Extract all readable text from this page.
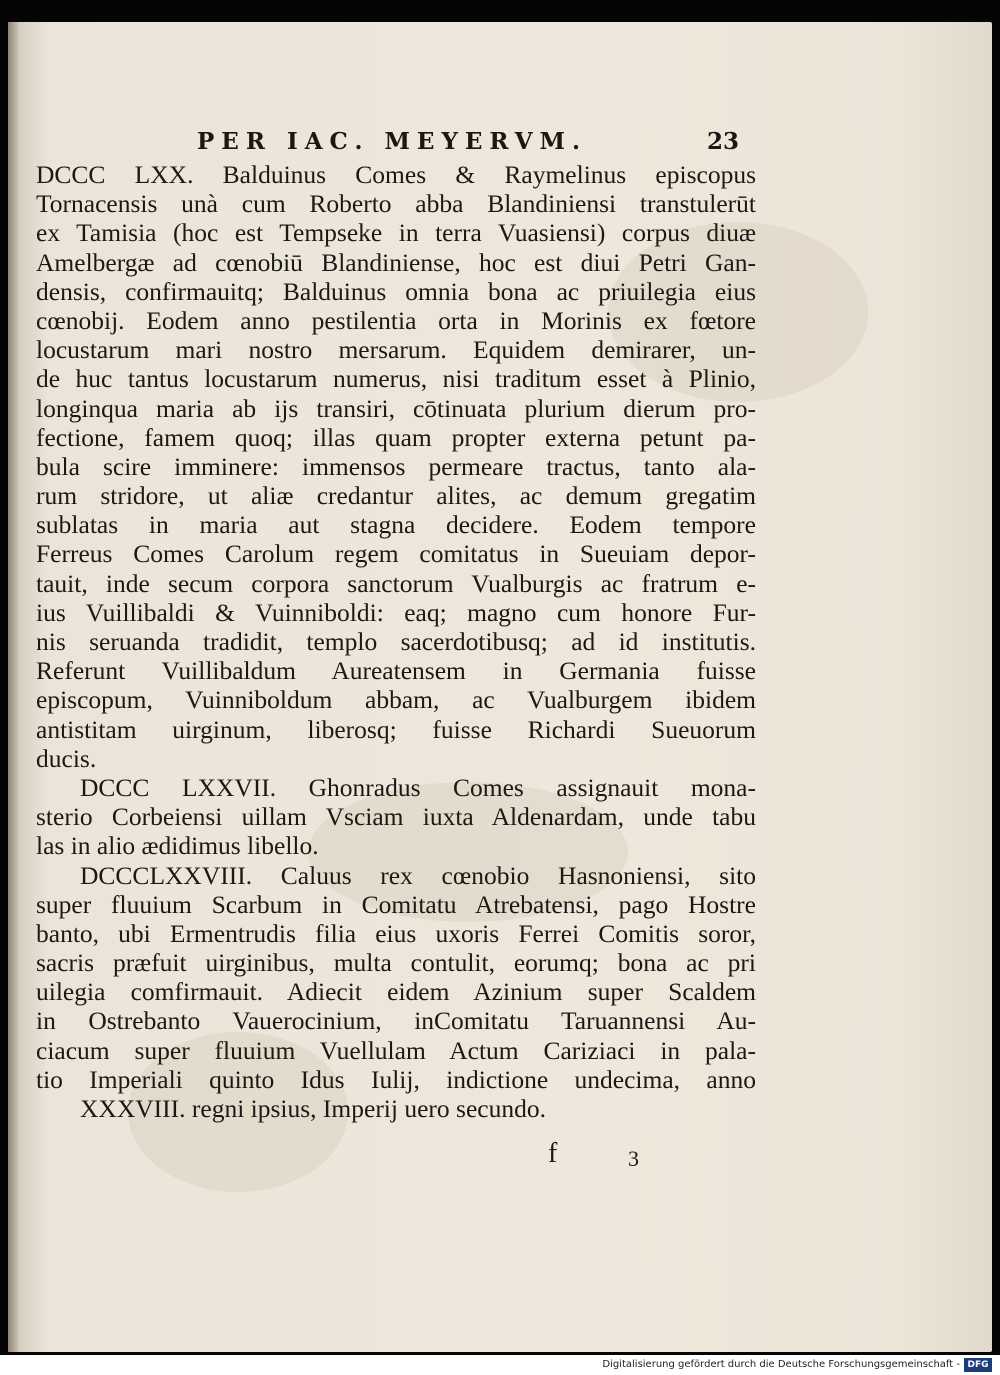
PER IAC. MEYERVM.	23
DCCC LXX. Balduinus Comes & Raymelinus episcopus
Tornacensis unà cum Roberto abba Blandiniensi transtulerūt
ex Tamisia (hoc est Tempseke in terra Vuasiensi) corpus diuæ
Amelbergæ ad cœnobiū Blandiniense, hoc est diui Petri Gan-
densis, confirmauitq; Balduinus omnia bona ac priuilegia eius
cœnobij. Eodem anno pestilentia orta in Morinis ex fœtore
locustarum mari nostro mersarum. Equidem demirarer, un-
de huc tantus locustarum numerus, nisi traditum esset à Plinio,
longinqua maria ab ijs transiri, cōtinuata plurium dierum pro-
fectione, famem quoq; illas quam propter externa petunt pa-
bula scire imminere: immensos permeare tractus, tanto ala-
rum stridore, ut aliæ credantur alites, ac demum gregatim
sublatas in maria aut stagna decidere. Eodem tempore
Ferreus Comes Carolum regem comitatus in Sueuiam depor-
tauit, inde secum corpora sanctorum Vualburgis ac fratrum e-
ius Vuillibaldi & Vuinniboldi: eaq; magno cum honore Fur-
nis seruanda tradidit, templo sacerdotibusq; ad id institutis.
Referunt Vuillibaldum Aureatensem in Germania fuisse
episcopum, Vuinniboldum abbam, ac Vualburgem ibidem
antistitam uirginum, liberosq; fuisse Richardi Sueuorum
ducis.
DCCC LXXVII. Ghonradus Comes assignauit mona-
sterio Corbeiensi uillam Vsciam iuxta Aldenardam, unde tabu
las in alio ædidimus libello.
DCCCLXXVIII. Caluus rex cœnobio Hasnoniensi, sito
super fluuium Scarbum in Comitatu Atrebatensi, pago Hostre
banto, ubi Ermentrudis filia eius uxoris Ferrei Comitis soror,
sacris præfuit uirginibus, multa contulit, eorumq; bona ac pri
uilegia comfirmauit. Adiecit eidem Azinium super Scaldem
in Ostrebanto Vauerocinium, inComitatu Taruannensi Au-
ciacum super fluuium Vuellulam Actum Cariziaci in pala-
tio Imperiali quinto Idus Iulij, indictione undecima, anno
XXXVIII. regni ipsius, Imperij uero secundo.
f	3
Digitalisierung gefördert durch die Deutsche Forschungsgemeinschaft - DFG
